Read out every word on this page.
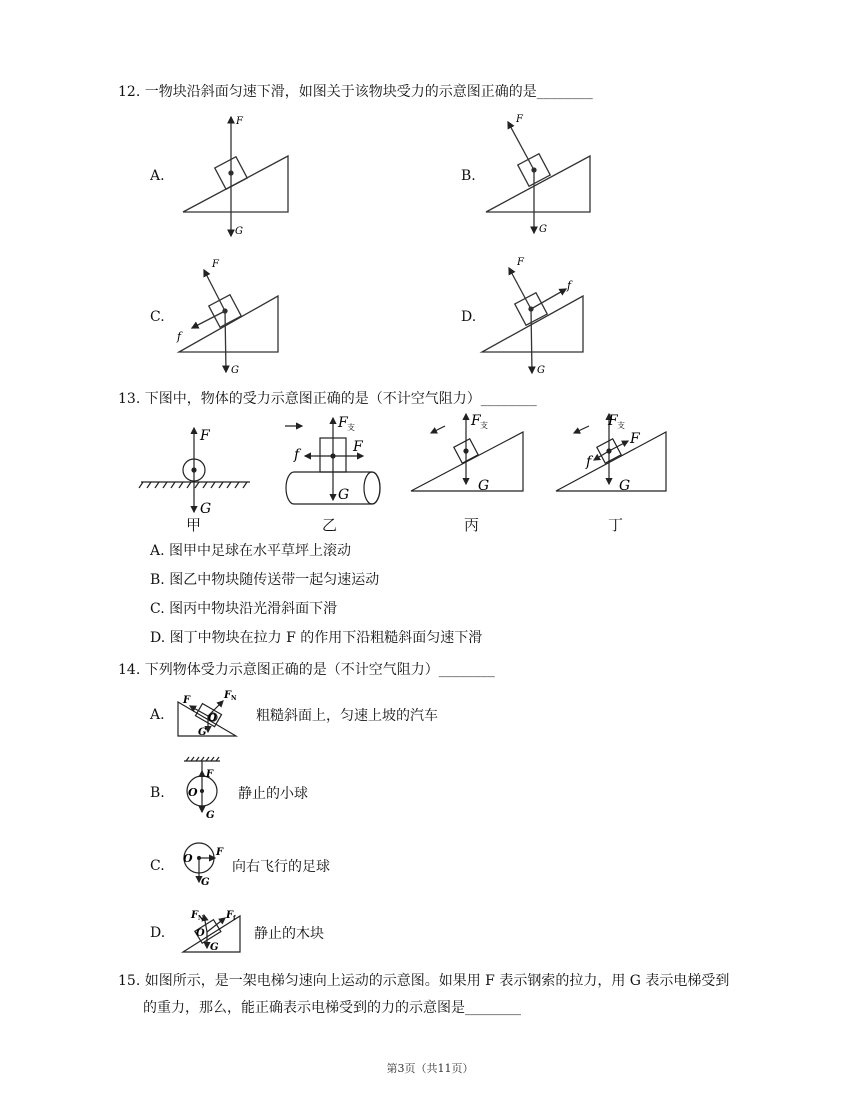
12. 一物块沿斜面匀速下滑，如图关于该物块受力的示意图正确的是________
A.	B.
C.	D.
F
G
F
G
F
G
f
F
G
f
F
G
F 支
F
f
G
F 支
G
F 支
F
f
G
F	F N
O
G
F
O
G
O F
G
F N F f
O
G
13. 下图中，物体的受力示意图正确的是（不计空气阻力）________
甲	乙	丙	丁
A. 图甲中足球在水平草坪上滚动
B. 图乙中物块随传送带一起匀速运动
C. 图丙中物块沿光滑斜面下滑
D. 图丁中物块在拉力 F 的作用下沿粗糙斜面匀速下滑
14. 下列物体受力示意图正确的是（不计空气阻力）________
A.	粗糙斜面上，匀速上坡的汽车
B.	静止的小球
C.	向右飞行的足球
D.	静止的木块
15. 如图所示，是一架电梯匀速向上运动的示意图。如果用 F 表示钢索的拉力，用 G 表示电梯受到
的重力，那么，能正确表示电梯受到的力的示意图是________
第3页（共11页）
